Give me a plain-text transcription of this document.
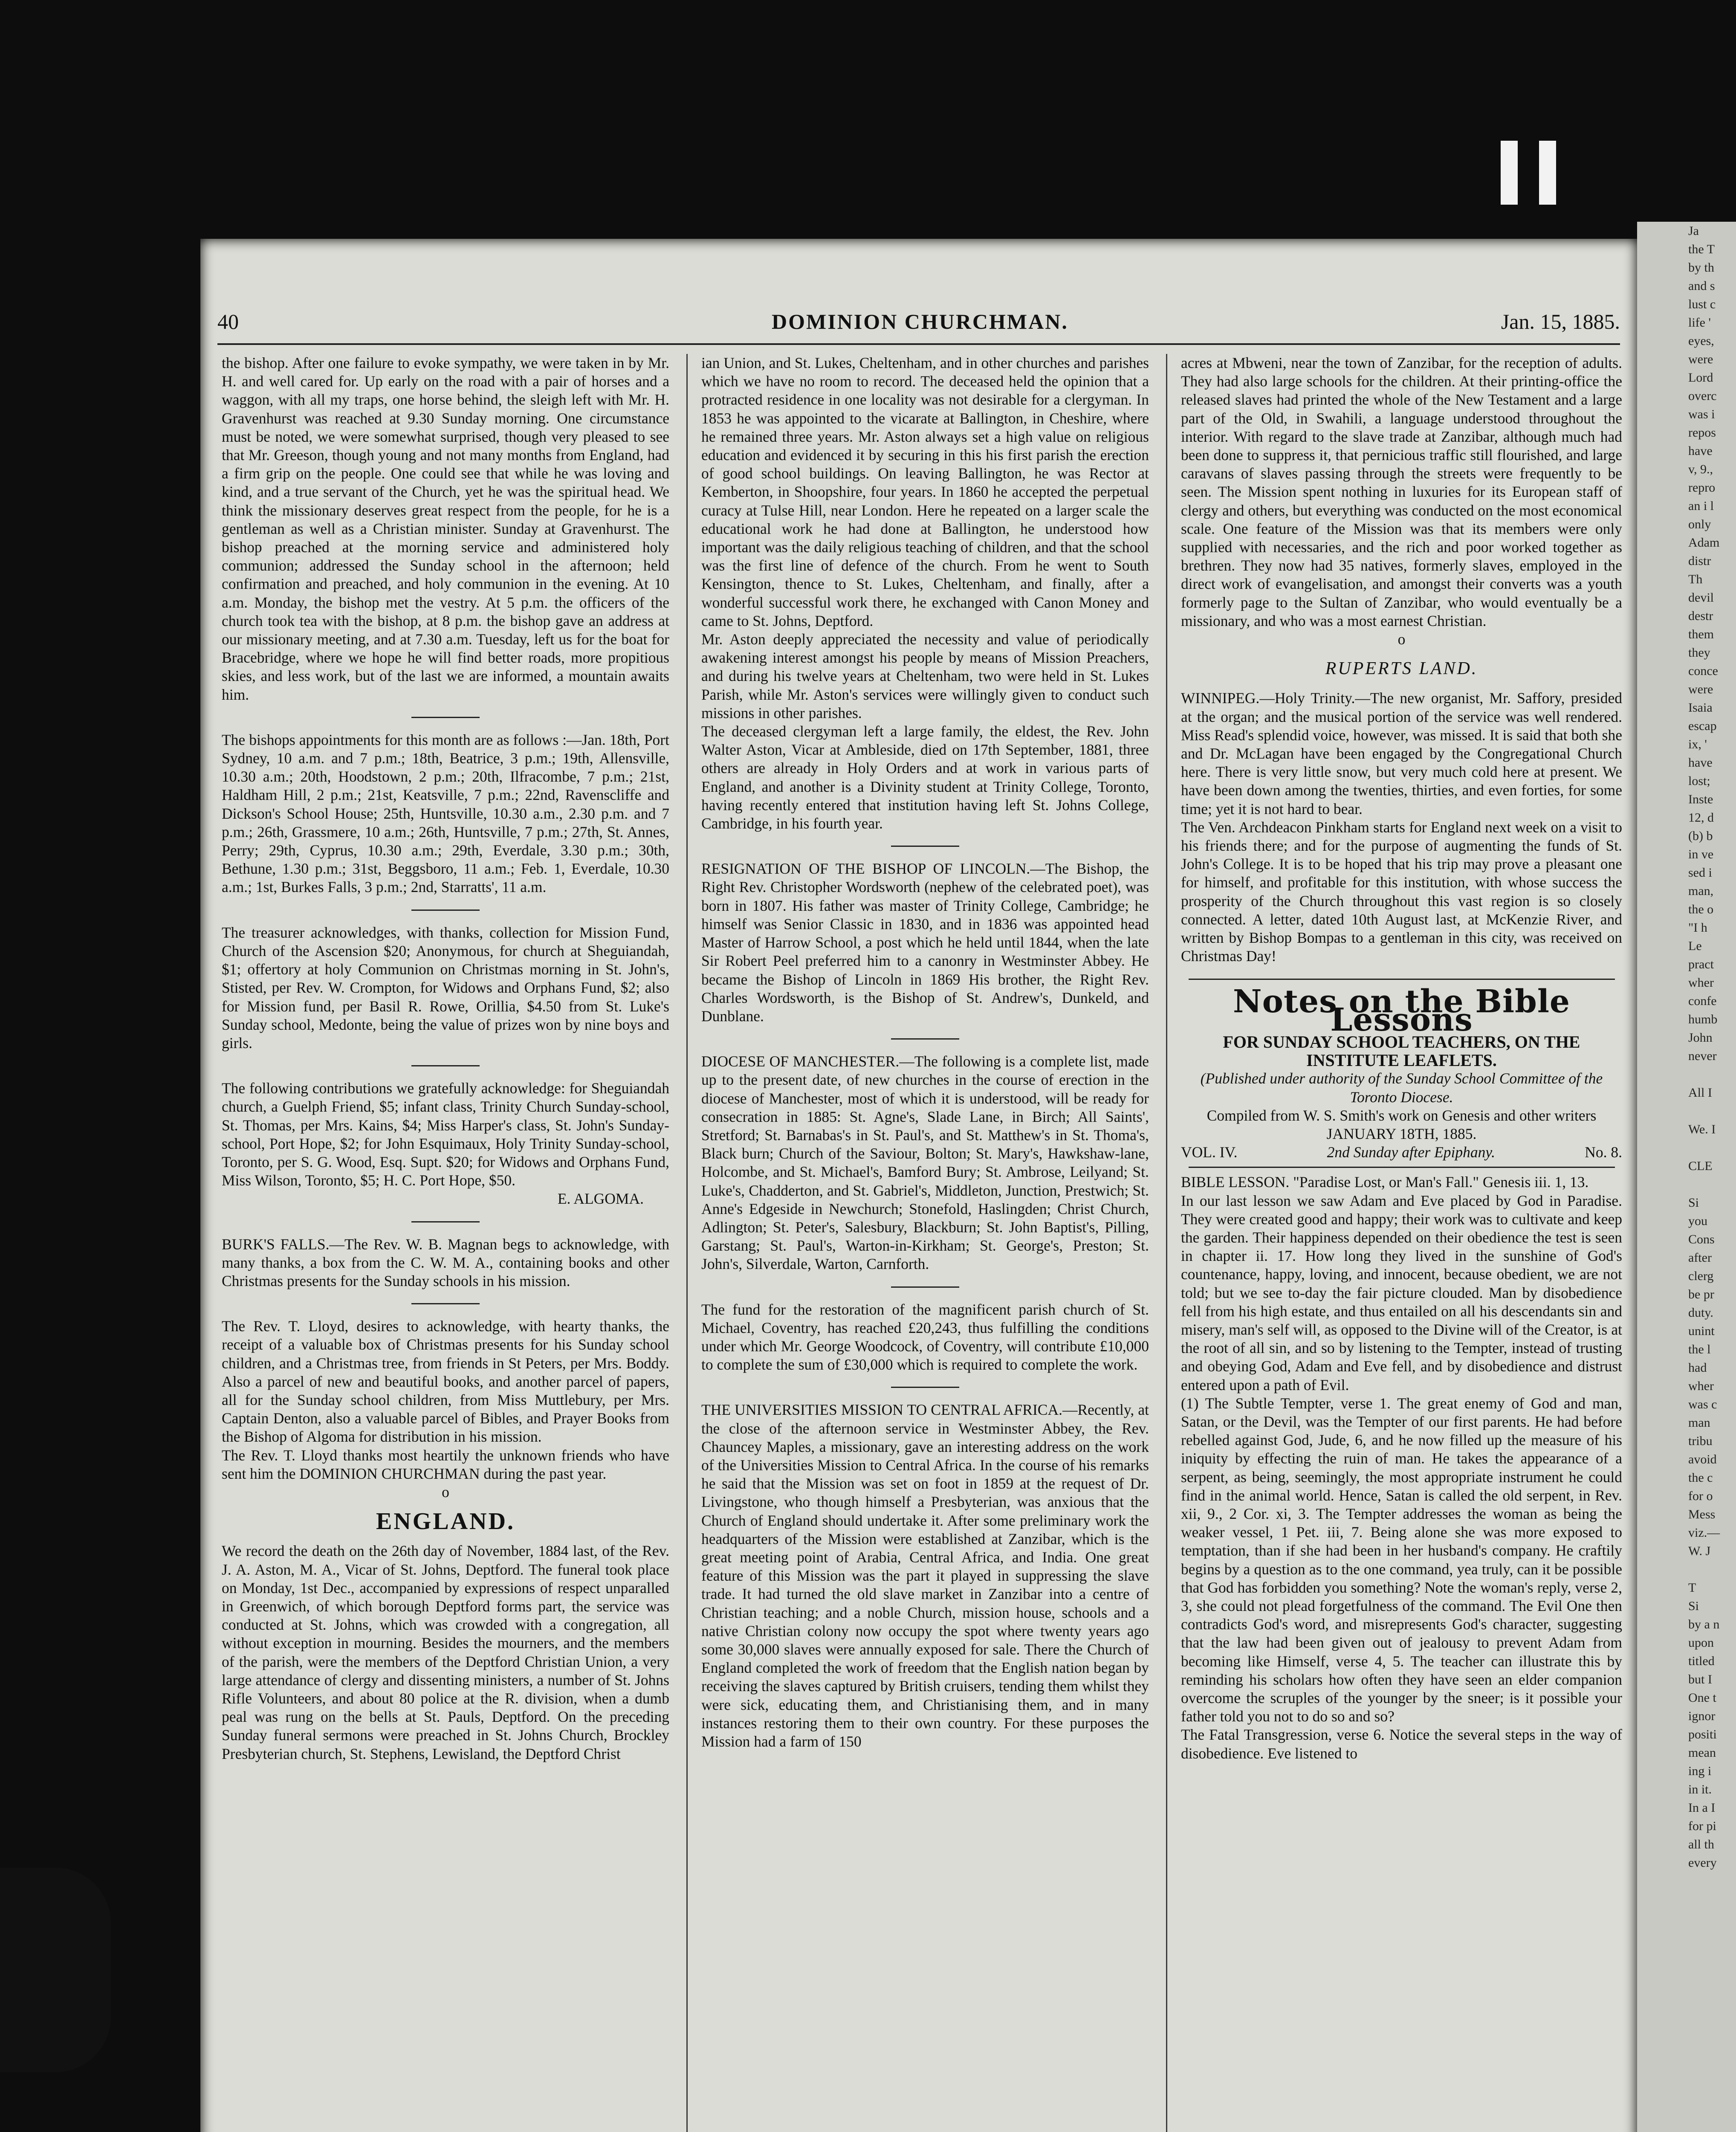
Ja

the T

by th

and s

lust c

life '

eyes,

were

Lord

overc

was i

repos

have

v, 9.,

repro

an i l

only

Adam

distr

Th

devil

destr

them

they

conce

were

Isaia

escap

ix, '

have

lost;

Inste

12, d

(b) b

in ve

sed i

man,

the o

"I h

Le

pract

wher

confe

humb

John

never

All I

We. I

CLE

Si

you

Cons

after

clerg

be pr

duty.

unint

the l

had

wher

was c

man

tribu

avoid

the c

for o

Mess

viz.—

W. J

T

Si

by a n

upon

titled

but I

One t

ignor

positi

mean

ing i

in it.

In a I

for pi

all th

every

40	DOMINION CHURCHMAN.	Jan. 15, 1885.

the bishop. After one failure to evoke sympathy, we were taken in by Mr. H. and well cared for. Up early on the road with a pair of horses and a waggon, with all my traps, one horse behind, the sleigh left with Mr. H. Gravenhurst was reached at 9.30 Sunday morning. One circumstance must be noted, we were somewhat surprised, though very pleased to see that Mr. Greeson, though young and not many months from England, had a firm grip on the people. One could see that while he was loving and kind, and a true servant of the Church, yet he was the spiritual head. We think the missionary deserves great respect from the people, for he is a gentleman as well as a Christian minister. Sunday at Gravenhurst. The bishop preached at the morning service and administered holy communion; addressed the Sunday school in the afternoon; held confirmation and preached, and holy communion in the evening. At 10 a.m. Monday, the bishop met the vestry. At 5 p.m. the officers of the church took tea with the bishop, at 8 p.m. the bishop gave an address at our missionary meeting, and at 7.30 a.m. Tuesday, left us for the boat for Bracebridge, where we hope he will find better roads, more propitious skies, and less work, but of the last we are informed, a mountain awaits him.

The bishops appointments for this month are as follows :—Jan. 18th, Port Sydney, 10 a.m. and 7 p.m.; 18th, Beatrice, 3 p.m.; 19th, Allensville, 10.30 a.m.; 20th, Hoodstown, 2 p.m.; 20th, Ilfracombe, 7 p.m.; 21st, Haldham Hill, 2 p.m.; 21st, Keatsville, 7 p.m.; 22nd, Ravenscliffe and Dickson's School House; 25th, Huntsville, 10.30 a.m., 2.30 p.m. and 7 p.m.; 26th, Grassmere, 10 a.m.; 26th, Huntsville, 7 p.m.; 27th, St. Annes, Perry; 29th, Cyprus, 10.30 a.m.; 29th, Everdale, 3.30 p.m.; 30th, Bethune, 1.30 p.m.; 31st, Beggsboro, 11 a.m.; Feb. 1, Everdale, 10.30 a.m.; 1st, Burkes Falls, 3 p.m.; 2nd, Starratts', 11 a.m.

The treasurer acknowledges, with thanks, collection for Mission Fund, Church of the Ascension $20; Anonymous, for church at Sheguiandah, $1; offertory at holy Communion on Christmas morning in St. John's, Stisted, per Rev. W. Crompton, for Widows and Orphans Fund, $2; also for Mission fund, per Basil R. Rowe, Orillia, $4.50 from St. Luke's Sunday school, Medonte, being the value of prizes won by nine boys and girls.

The following contributions we gratefully acknowledge: for Sheguiandah church, a Guelph Friend, $5; infant class, Trinity Church Sunday-school, St. Thomas, per Mrs. Kains, $4; Miss Harper's class, St. John's Sunday-school, Port Hope, $2; for John Esquimaux, Holy Trinity Sunday-school, Toronto, per S. G. Wood, Esq. Supt. $20; for Widows and Orphans Fund, Miss Wilson, Toronto, $5; H. C. Port Hope, $50.

E. ALGOMA.

BURK'S FALLS.—The Rev. W. B. Magnan begs to acknowledge, with many thanks, a box from the C. W. M. A., containing books and other Christmas presents for the Sunday schools in his mission.

The Rev. T. Lloyd, desires to acknowledge, with hearty thanks, the receipt of a valuable box of Christmas presents for his Sunday school children, and a Christmas tree, from friends in St Peters, per Mrs. Boddy. Also a parcel of new and beautiful books, and another parcel of papers, all for the Sunday school children, from Miss Muttlebury, per Mrs. Captain Denton, also a valuable parcel of Bibles, and Prayer Books from the Bishop of Algoma for distribution in his mission.

The Rev. T. Lloyd thanks most heartily the unknown friends who have sent him the DOMINION CHURCHMAN during the past year.

o

ENGLAND.

We record the death on the 26th day of November, 1884 last, of the Rev. J. A. Aston, M. A., Vicar of St. Johns, Deptford. The funeral took place on Monday, 1st Dec., accompanied by expressions of respect unparalled in Greenwich, of which borough Deptford forms part, the service was conducted at St. Johns, which was crowded with a congregation, all without exception in mourning. Besides the mourners, and the members of the parish, were the members of the Deptford Christian Union, a very large attendance of clergy and dissenting ministers, a number of St. Johns Rifle Volunteers, and about 80 police at the R. division, when a dumb peal was rung on the bells at St. Pauls, Deptford. On the preceding Sunday funeral sermons were preached in St. Johns Church, Brockley Presbyterian church, St. Stephens, Lewisland, the Deptford Christ

ian Union, and St. Lukes, Cheltenham, and in other churches and parishes which we have no room to record. The deceased held the opinion that a protracted residence in one locality was not desirable for a clergyman. In 1853 he was appointed to the vicarate at Ballington, in Cheshire, where he remained three years. Mr. Aston always set a high value on religious education and evidenced it by securing in this his first parish the erection of good school buildings. On leaving Ballington, he was Rector at Kemberton, in Shoopshire, four years. In 1860 he accepted the perpetual curacy at Tulse Hill, near London. Here he repeated on a larger scale the educational work he had done at Ballington, he understood how important was the daily religious teaching of children, and that the school was the first line of defence of the church. From he went to South Kensington, thence to St. Lukes, Cheltenham, and finally, after a wonderful successful work there, he exchanged with Canon Money and came to St. Johns, Deptford.

Mr. Aston deeply appreciated the necessity and value of periodically awakening interest amongst his people by means of Mission Preachers, and during his twelve years at Cheltenham, two were held in St. Lukes Parish, while Mr. Aston's services were willingly given to conduct such missions in other parishes.

The deceased clergyman left a large family, the eldest, the Rev. John Walter Aston, Vicar at Ambleside, died on 17th September, 1881, three others are already in Holy Orders and at work in various parts of England, and another is a Divinity student at Trinity College, Toronto, having recently entered that institution having left St. Johns College, Cambridge, in his fourth year.

RESIGNATION OF THE BISHOP OF LINCOLN.—The Bishop, the Right Rev. Christopher Wordsworth (nephew of the celebrated poet), was born in 1807. His father was master of Trinity College, Cambridge; he himself was Senior Classic in 1830, and in 1836 was appointed head Master of Harrow School, a post which he held until 1844, when the late Sir Robert Peel preferred him to a canonry in Westminster Abbey. He became the Bishop of Lincoln in 1869 His brother, the Right Rev. Charles Wordsworth, is the Bishop of St. Andrew's, Dunkeld, and Dunblane.

DIOCESE OF MANCHESTER.—The following is a complete list, made up to the present date, of new churches in the course of erection in the diocese of Manchester, most of which it is understood, will be ready for consecration in 1885: St. Agne's, Slade Lane, in Birch; All Saints', Stretford; St. Barnabas's in St. Paul's, and St. Matthew's in St. Thoma's, Black burn; Church of the Saviour, Bolton; St. Mary's, Hawkshaw-lane, Holcombe, and St. Michael's, Bamford Bury; St. Ambrose, Leilyand; St. Luke's, Chadderton, and St. Gabriel's, Middleton, Junction, Prestwich; St. Anne's Edgeside in Newchurch; Stonefold, Haslingden; Christ Church, Adlington; St. Peter's, Salesbury, Blackburn; St. John Baptist's, Pilling, Garstang; St. Paul's, Warton-in-Kirkham; St. George's, Preston; St. John's, Silverdale, Warton, Carnforth.

The fund for the restoration of the magnificent parish church of St. Michael, Coventry, has reached £20,243, thus fulfilling the conditions under which Mr. George Woodcock, of Coventry, will contribute £10,000 to complete the sum of £30,000 which is required to complete the work.

THE UNIVERSITIES MISSION TO CENTRAL AFRICA.—Recently, at the close of the afternoon service in Westminster Abbey, the Rev. Chauncey Maples, a missionary, gave an interesting address on the work of the Universities Mission to Central Africa. In the course of his remarks he said that the Mission was set on foot in 1859 at the request of Dr. Livingstone, who though himself a Presbyterian, was anxious that the Church of England should undertake it. After some preliminary work the headquarters of the Mission were established at Zanzibar, which is the great meeting point of Arabia, Central Africa, and India. One great feature of this Mission was the part it played in suppressing the slave trade. It had turned the old slave market in Zanzibar into a centre of Christian teaching; and a noble Church, mission house, schools and a native Christian colony now occupy the spot where twenty years ago some 30,000 slaves were annually exposed for sale. There the Church of England completed the work of freedom that the English nation began by receiving the slaves captured by British cruisers, tending them whilst they were sick, educating them, and Christianising them, and in many instances restoring them to their own country. For these purposes the Mission had a farm of 150

acres at Mbweni, near the town of Zanzibar, for the reception of adults. They had also large schools for the children. At their printing-office the released slaves had printed the whole of the New Testament and a large part of the Old, in Swahili, a language understood throughout the interior. With regard to the slave trade at Zanzibar, although much had been done to suppress it, that pernicious traffic still flourished, and large caravans of slaves passing through the streets were frequently to be seen. The Mission spent nothing in luxuries for its European staff of clergy and others, but everything was conducted on the most economical scale. One feature of the Mission was that its members were only supplied with necessaries, and the rich and poor worked together as brethren. They now had 35 natives, formerly slaves, employed in the direct work of evangelisation, and amongst their converts was a youth formerly page to the Sultan of Zanzibar, who would eventually be a missionary, and who was a most earnest Christian.

o

RUPERTS LAND.

WINNIPEG.—Holy Trinity.—The new organist, Mr. Saffory, presided at the organ; and the musical portion of the service was well rendered. Miss Read's splendid voice, however, was missed. It is said that both she and Dr. McLagan have been engaged by the Congregational Church here. There is very little snow, but very much cold here at present. We have been down among the twenties, thirties, and even forties, for some time; yet it is not hard to bear.

The Ven. Archdeacon Pinkham starts for England next week on a visit to his friends there; and for the purpose of augmenting the funds of St. John's College. It is to be hoped that his trip may prove a pleasant one for himself, and profitable for this institution, with whose success the prosperity of the Church throughout this vast region is so closely connected. A letter, dated 10th August last, at McKenzie River, and written by Bishop Bompas to a gentleman in this city, was received on Christmas Day!

Notes on the Bible Lessons

FOR SUNDAY SCHOOL TEACHERS, ON THE INSTITUTE LEAFLETS.

(Published under authority of the Sunday School Committee of the Toronto Diocese.

Compiled from W. S. Smith's work on Genesis and other writers

JANUARY 18TH, 1885.

VOL. IV.	2nd Sunday after Epiphany.	No. 8.

BIBLE LESSON. "Paradise Lost, or Man's Fall." Genesis iii. 1, 13.

In our last lesson we saw Adam and Eve placed by God in Paradise. They were created good and happy; their work was to cultivate and keep the garden. Their happiness depended on their obedience the test is seen in chapter ii. 17. How long they lived in the sunshine of God's countenance, happy, loving, and innocent, because obedient, we are not told; but we see to-day the fair picture clouded. Man by disobedience fell from his high estate, and thus entailed on all his descendants sin and misery, man's self will, as opposed to the Divine will of the Creator, is at the root of all sin, and so by listening to the Tempter, instead of trusting and obeying God, Adam and Eve fell, and by disobedience and distrust entered upon a path of Evil.

(1) The Subtle Tempter, verse 1. The great enemy of God and man, Satan, or the Devil, was the Tempter of our first parents. He had before rebelled against God, Jude, 6, and he now filled up the measure of his iniquity by effecting the ruin of man. He takes the appearance of a serpent, as being, seemingly, the most appropriate instrument he could find in the animal world. Hence, Satan is called the old serpent, in Rev. xii, 9., 2 Cor. xi, 3. The Tempter addresses the woman as being the weaker vessel, 1 Pet. iii, 7. Being alone she was more exposed to temptation, than if she had been in her husband's company. He craftily begins by a question as to the one command, yea truly, can it be possible that God has forbidden you something? Note the woman's reply, verse 2, 3, she could not plead forgetfulness of the command. The Evil One then contradicts God's word, and misrepresents God's character, suggesting that the law had been given out of jealousy to prevent Adam from becoming like Himself, verse 4, 5. The teacher can illustrate this by reminding his scholars how often they have seen an elder companion overcome the scruples of the younger by the sneer; is it possible your father told you not to do so and so?

The Fatal Transgression, verse 6. Notice the several steps in the way of disobedience. Eve listened to
